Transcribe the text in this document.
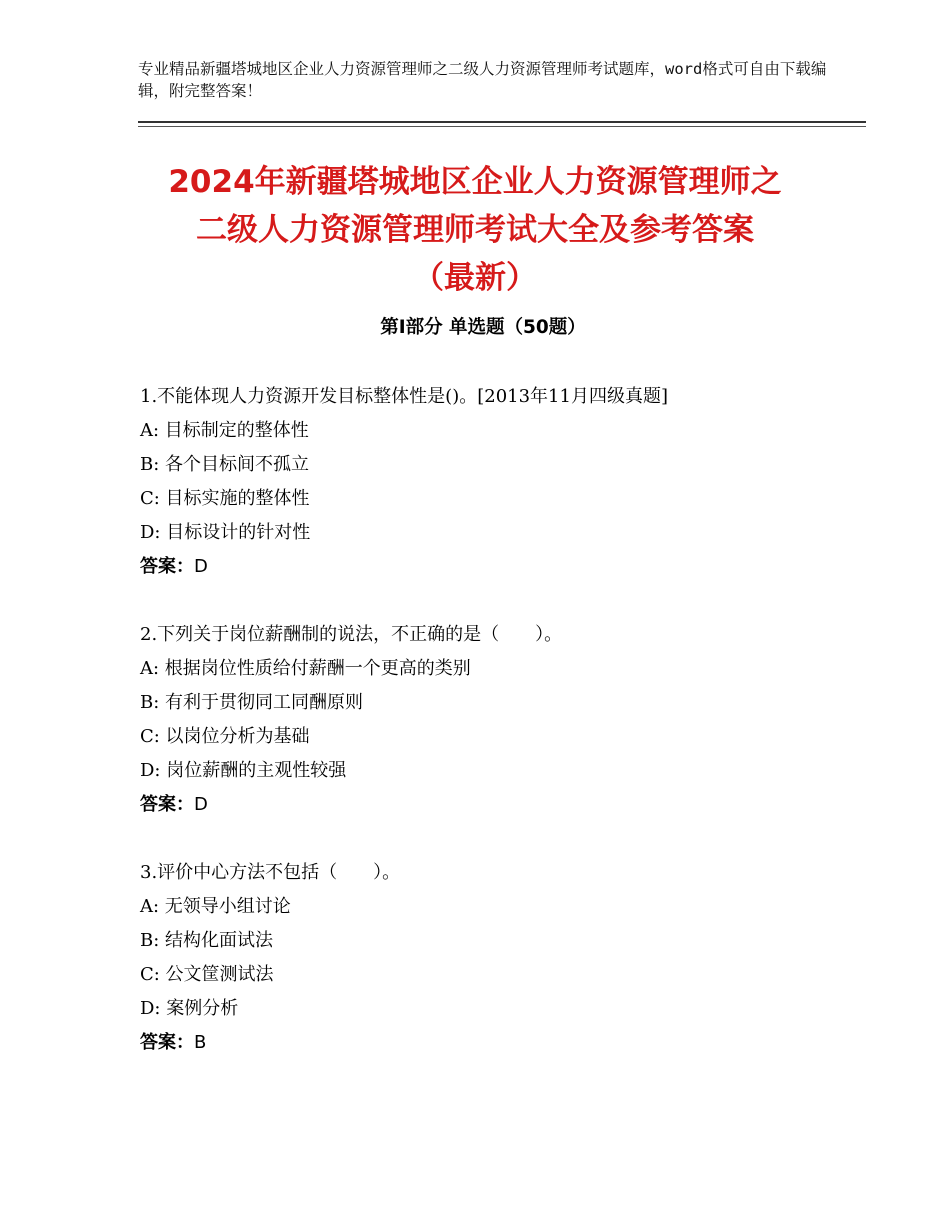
专业精品新疆塔城地区企业人力资源管理师之二级人力资源管理师考试题库，word格式可自由下载编辑，附完整答案！
2024年新疆塔城地区企业人力资源管理师之
二级人力资源管理师考试大全及参考答案
（最新）
第Ⅰ部分 单选题（50题）
1.不能体现人力资源开发目标整体性是()。[2013年11月四级真题]
A: 目标制定的整体性
B: 各个目标间不孤立
C: 目标实施的整体性
D: 目标设计的针对性
答案：D
2.下列关于岗位薪酬制的说法，不正确的是（　　）。
A: 根据岗位性质给付薪酬一个更高的类别
B: 有利于贯彻同工同酬原则
C: 以岗位分析为基础
D: 岗位薪酬的主观性较强
答案：D
3.评价中心方法不包括（　　）。
A: 无领导小组讨论
B: 结构化面试法
C: 公文筐测试法
D: 案例分析
答案：B
